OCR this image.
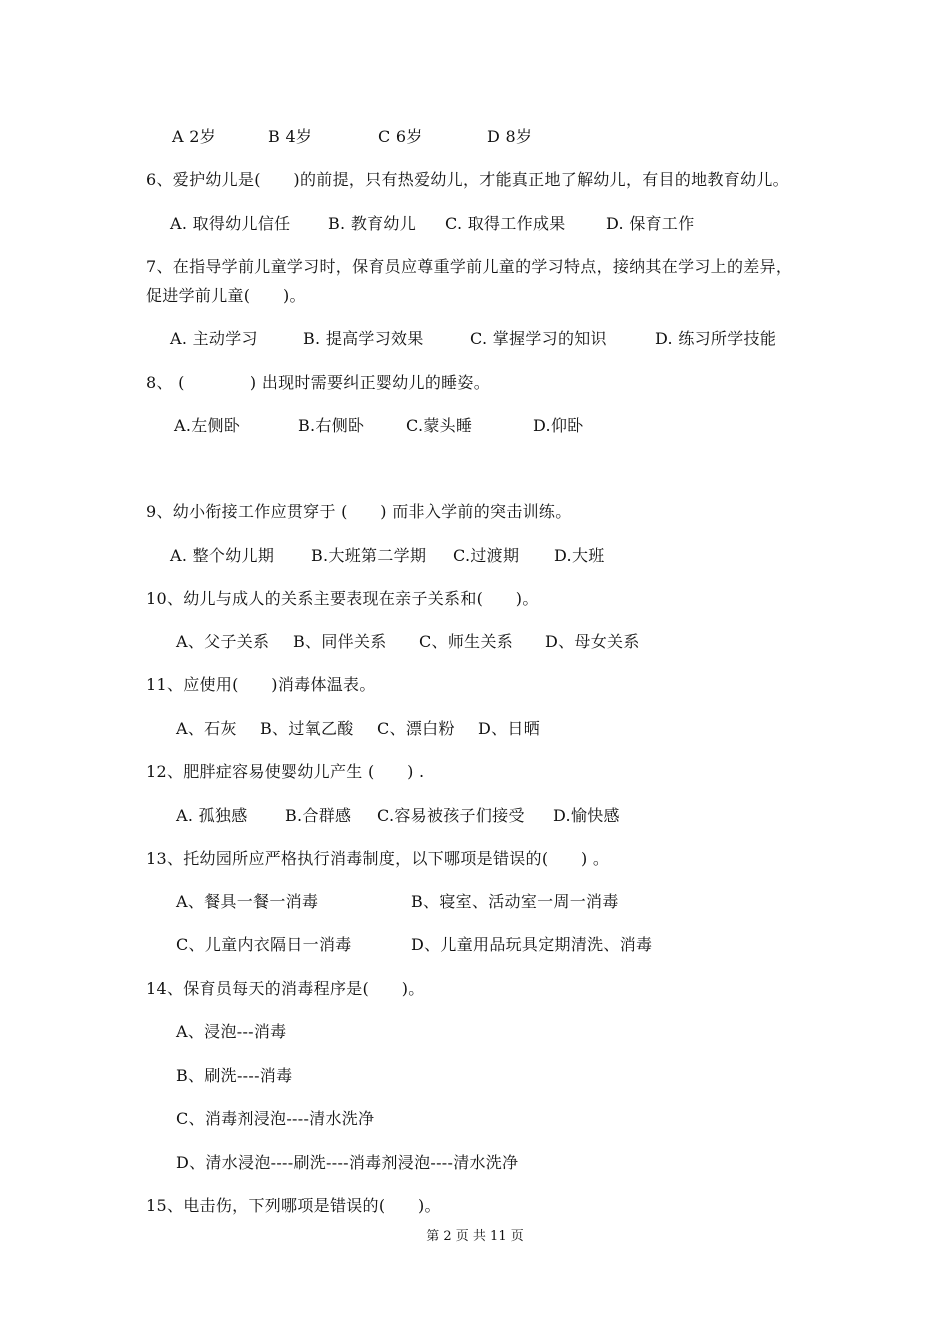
A 2岁	B 4岁	C 6岁	D 8岁
6、爱护幼儿是(　　)的前提，只有热爱幼儿，才能真正地了解幼儿，有目的地教育幼儿。
A. 取得幼儿信任 B. 教育幼儿 C. 取得工作成果	D. 保育工作
7、在指导学前儿童学习时，保育员应尊重学前儿童的学习特点，接纳其在学习上的差异，
促进学前儿童(　　)。
A. 主动学习	B. 提高学习效果	C. 掌握学习的知识	D. 练习所学技能
8、 (　　　　) 出现时需要纠正婴幼儿的睡姿。
A.左侧卧	B.右侧卧	C.蒙头睡	D.仰卧
9、幼小衔接工作应贯穿于 (　　) 而非入学前的突击训练。
A. 整个幼儿期 B.大班第二学期 C.过渡期 D.大班
10、幼儿与成人的关系主要表现在亲子关系和(　　)。
A、父子关系 B、同伴关系 C、师生关系 D、母女关系
11、应使用(　　)消毒体温表。
A、石灰 B、过氧乙酸 C、漂白粉 D、日晒
12、肥胖症容易使婴幼儿产生 (　　) .
A. 孤独感 B.合群感 C.容易被孩子们接受 D.愉快感
13、托幼园所应严格执行消毒制度，以下哪项是错误的(　　) 。
A、餐具一餐一消毒	B、寝室、活动室一周一消毒
C、儿童内衣隔日一消毒	D、儿童用品玩具定期清洗、消毒
14、保育员每天的消毒程序是(　　)。
A、浸泡---消毒
B、刷洗----消毒
C、消毒剂浸泡----清水洗净
D、清水浸泡----刷洗----消毒剂浸泡----清水洗净
15、电击伤，下列哪项是错误的(　　)。
第 2 页 共 11 页
